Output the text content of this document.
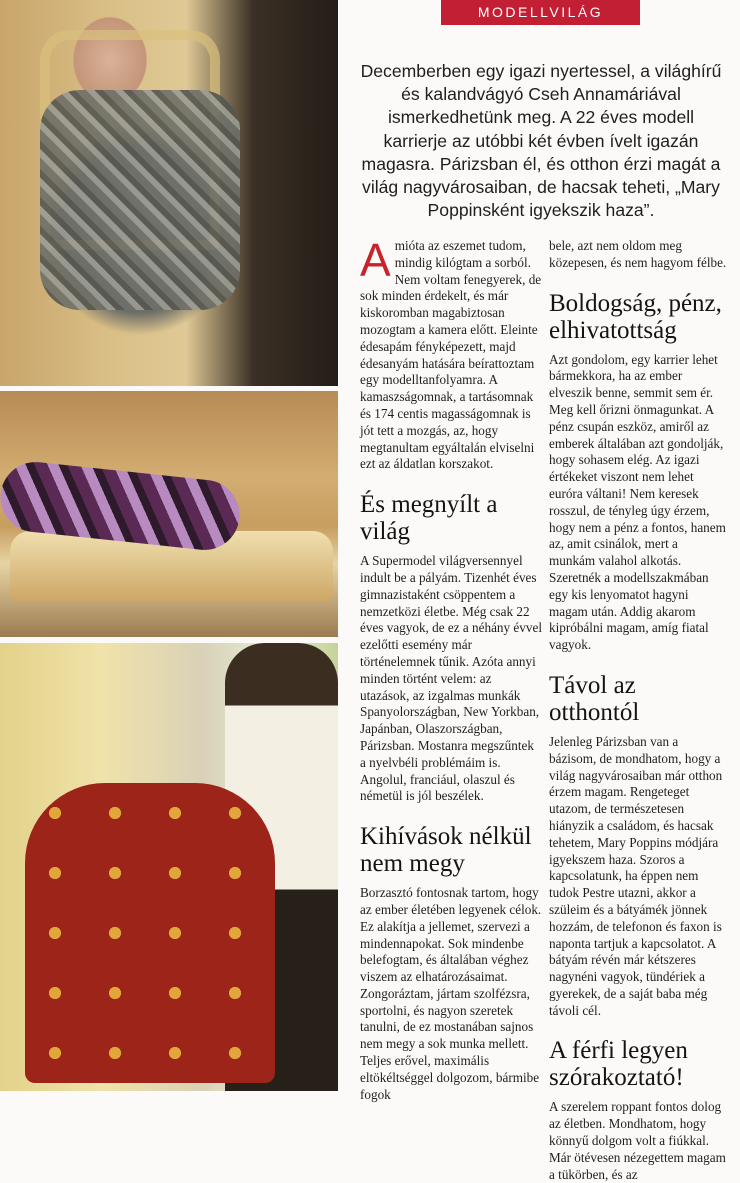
MODELLVILÁG
Decemberben egy igazi nyertessel, a világhírű és kalandvágyó Cseh Annamáriával ismerkedhetünk meg. A 22 éves modell karrierje az utóbbi két évben ívelt igazán magasra. Párizsban él, és otthon érzi magát a világ nagyvárosaiban, de hacsak teheti, „Mary Poppinsként igyekszik haza”.

Amióta az eszemet tudom, mindig kilógtam a sorból. Nem voltam fenegyerek, de sok minden érdekelt, és már kiskoromban magabiztosan mozogtam a kamera előtt. Eleinte édesapám fényképezett, majd édesanyám hatására beírattoztam egy modelltanfolyamra. A kamaszságomnak, a tartásomnak és 174 centis magasságomnak is jót tett a mozgás, az, hogy megtanultam egyáltalán elviselni ezt az áldatlan korszakot.

És megnyílt a világ

A Supermodel világversennyel indult be a pályám. Tizenhét éves gimnazistaként csöppentem a nemzetközi életbe. Még csak 22 éves vagyok, de ez a néhány évvel ezelőtti esemény már történelemnek tűnik. Azóta annyi minden történt velem: az utazások, az izgalmas munkák Spanyolországban, New Yorkban, Japánban, Olaszországban, Párizsban. Mostanra megszűntek a nyelvbéli problémáim is. Angolul, franciául, olaszul és németül is jól beszélek.

Kihívások nélkül nem megy

Borzasztó fontosnak tartom, hogy az ember életében legyenek célok. Ez alakítja a jellemet, szervezi a mindennapokat. Sok mindenbe belefogtam, és általában véghez viszem az elhatározásaimat. Zongoráztam, jártam szolfézsra, sportolni, és nagyon szeretek tanulni, de ez mostanában sajnos nem megy a sok munka mellett. Teljes erővel, maximális eltökéltséggel dolgozom, bármibe fogok

bele, azt nem oldom meg közepesen, és nem hagyom félbe.

Boldogság, pénz, elhivatottság

Azt gondolom, egy karrier lehet bármekkora, ha az ember elveszik benne, semmit sem ér. Meg kell őrizni önmagunkat. A pénz csupán eszköz, amiről az emberek általában azt gondolják, hogy sohasem elég. Az igazi értékeket viszont nem lehet euróra váltani! Nem keresek rosszul, de tényleg úgy érzem, hogy nem a pénz a fontos, hanem az, amit csinálok, mert a munkám valahol alkotás. Szeretnék a modellszakmában egy kis lenyomatot hagyni magam után. Addig akarom kipróbálni magam, amíg fiatal vagyok.

Távol az otthontól

Jelenleg Párizsban van a bázisom, de mondhatom, hogy a világ nagyvárosaiban már otthon érzem magam. Rengeteget utazom, de természetesen hiányzik a családom, és hacsak tehetem, Mary Poppins módjára igyekszem haza. Szoros a kapcsolatunk, ha éppen nem tudok Pestre utazni, akkor a szüleim és a bátyámék jönnek hozzám, de telefonon és faxon is naponta tartjuk a kapcsolatot. A bátyám révén már kétszeres nagynéni vagyok, tündériek a gyerekek, de a saját baba még távoli cél.

A férfi legyen szórakoztató!

A szerelem roppant fontos dolog az életben. Mondhatom, hogy könnyű dolgom volt a fiúkkal. Már ötévesen nézegettem magam a tükörben, és az
